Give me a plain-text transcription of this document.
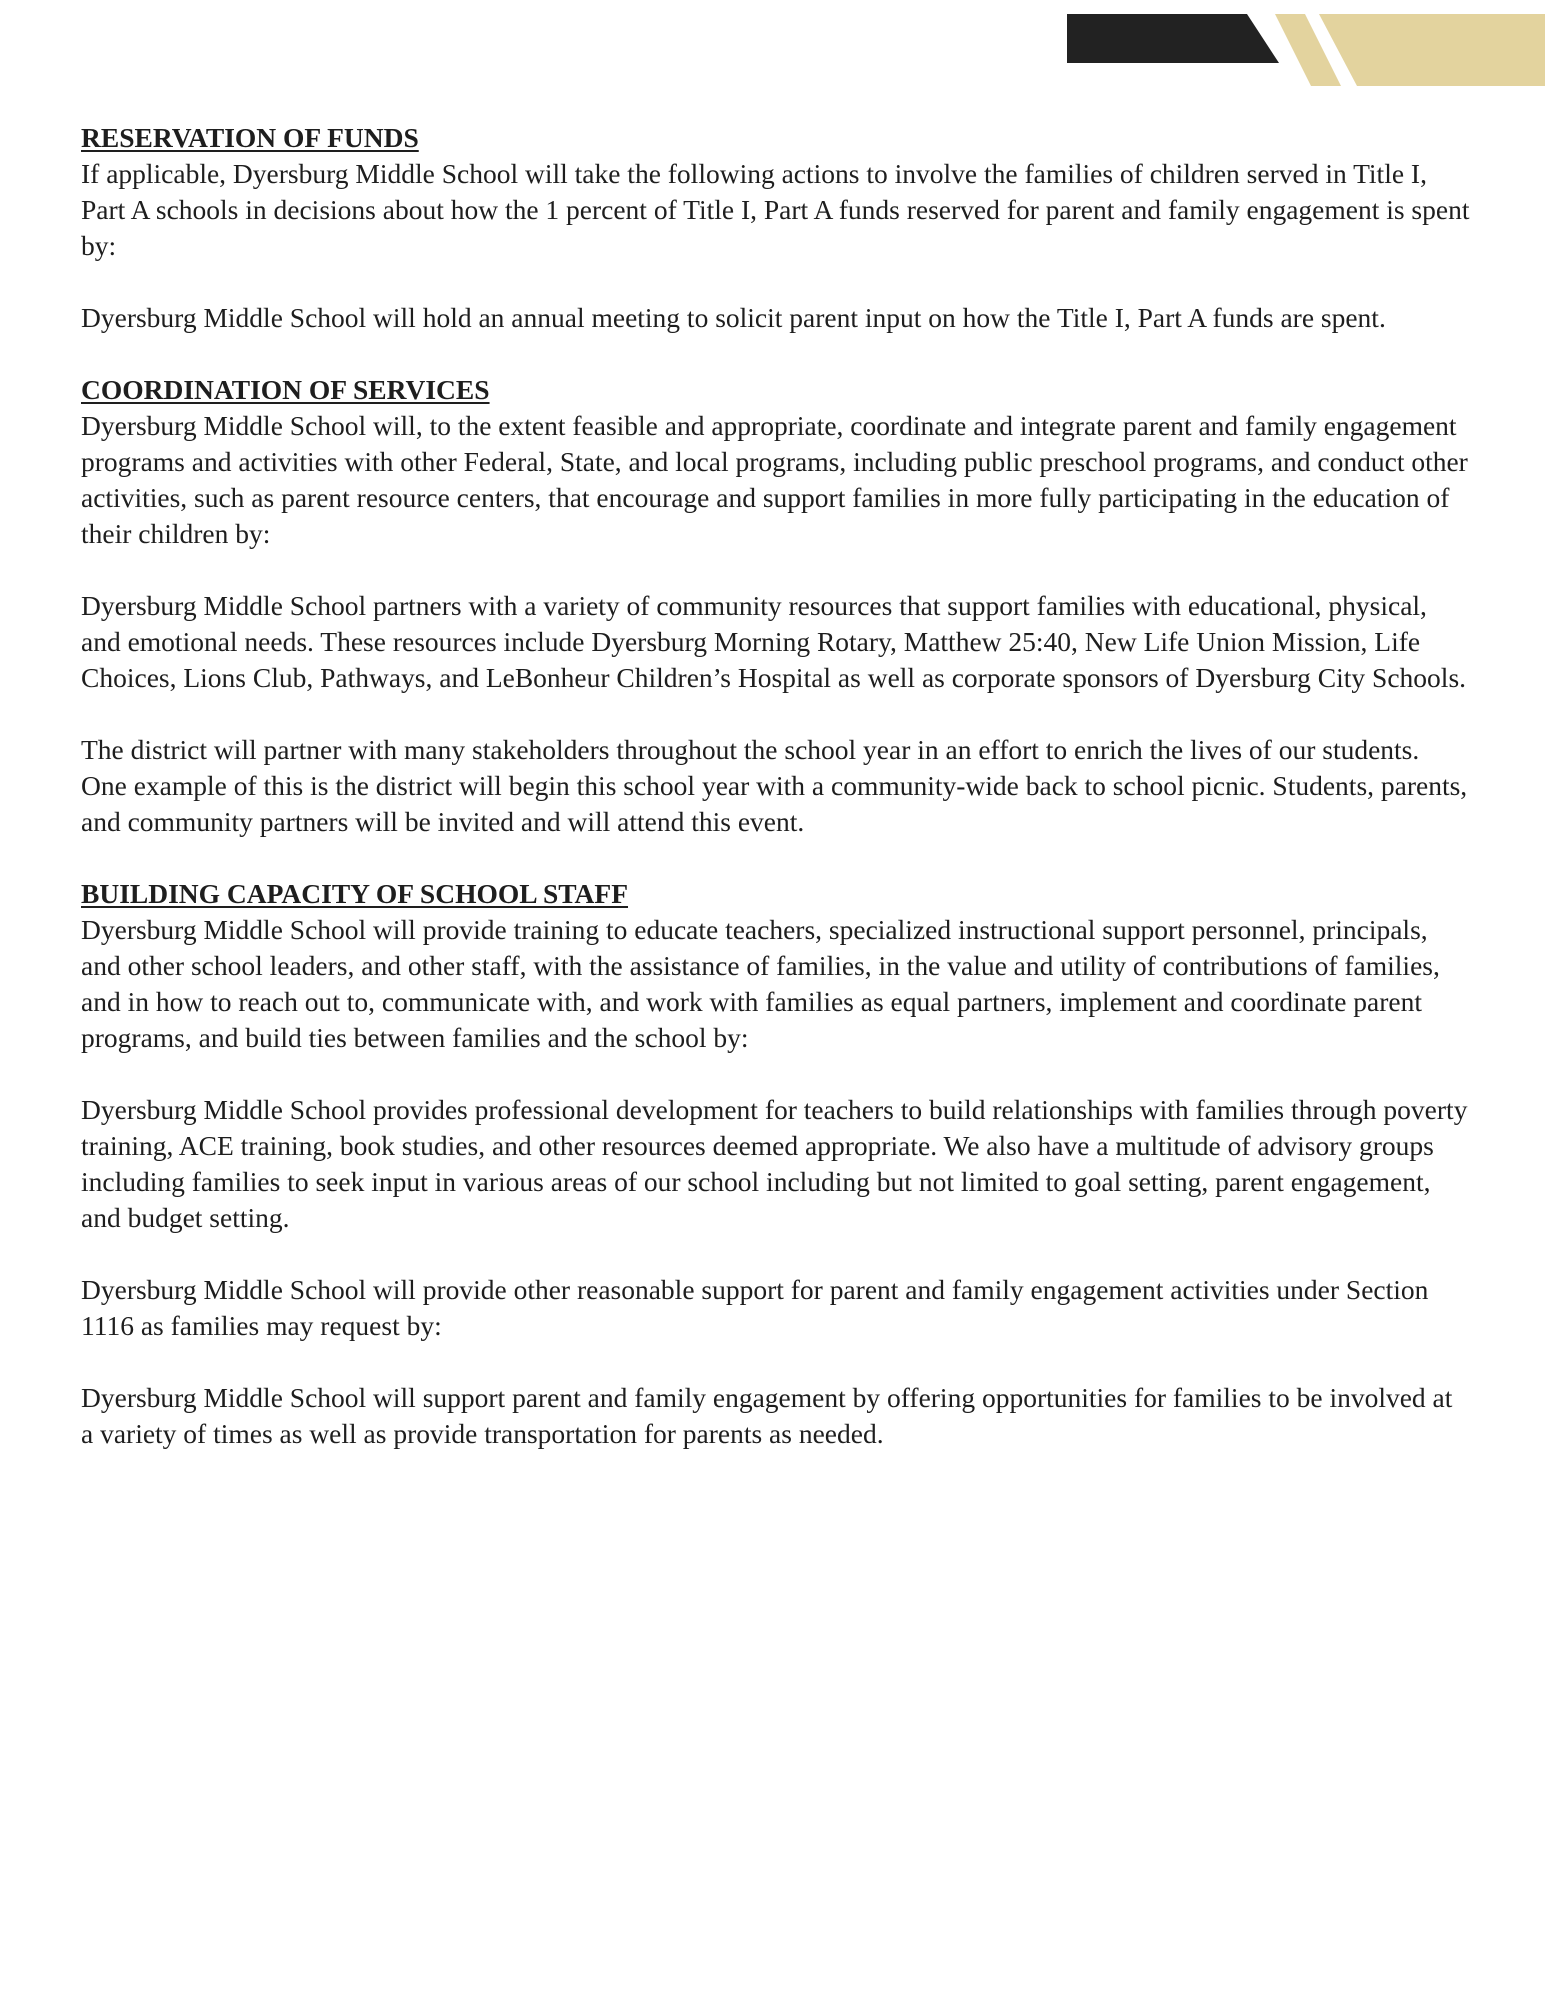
RESERVATION OF FUNDS

If applicable, Dyersburg Middle School will take the following actions to involve the families of children served in Title I, Part A schools in decisions about how the 1 percent of Title I, Part A funds reserved for parent and family engagement is spent by:

Dyersburg Middle School will hold an annual meeting to solicit parent input on how the Title I, Part A funds are spent.

COORDINATION OF SERVICES

Dyersburg Middle School will, to the extent feasible and appropriate, coordinate and integrate parent and family engagement programs and activities with other Federal, State, and local programs, including public preschool programs, and conduct other activities, such as parent resource centers, that encourage and support families in more fully participating in the education of their children by:

Dyersburg Middle School partners with a variety of community resources that support families with educational, physical, and emotional needs. These resources include Dyersburg Morning Rotary, Matthew 25:40, New Life Union Mission, Life Choices, Lions Club, Pathways, and LeBonheur Children’s Hospital as well as corporate sponsors of Dyersburg City Schools.

The district will partner with many stakeholders throughout the school year in an effort to enrich the lives of our students. One example of this is the district will begin this school year with a community-wide back to school picnic. Students, parents, and community partners will be invited and will attend this event.

BUILDING CAPACITY OF SCHOOL STAFF

Dyersburg Middle School will provide training to educate teachers, specialized instructional support personnel, principals, and other school leaders, and other staff, with the assistance of families, in the value and utility of contributions of families, and in how to reach out to, communicate with, and work with families as equal partners, implement and coordinate parent programs, and build ties between families and the school by:

Dyersburg Middle School provides professional development for teachers to build relationships with families through poverty training, ACE training, book studies, and other resources deemed appropriate. We also have a multitude of advisory groups including families to seek input in various areas of our school including but not limited to goal setting, parent engagement, and budget setting.

Dyersburg Middle School will provide other reasonable support for parent and family engagement activities under Section 1116 as families may request by:

Dyersburg Middle School will support parent and family engagement by offering opportunities for families to be involved at a variety of times as well as provide transportation for parents as needed.
